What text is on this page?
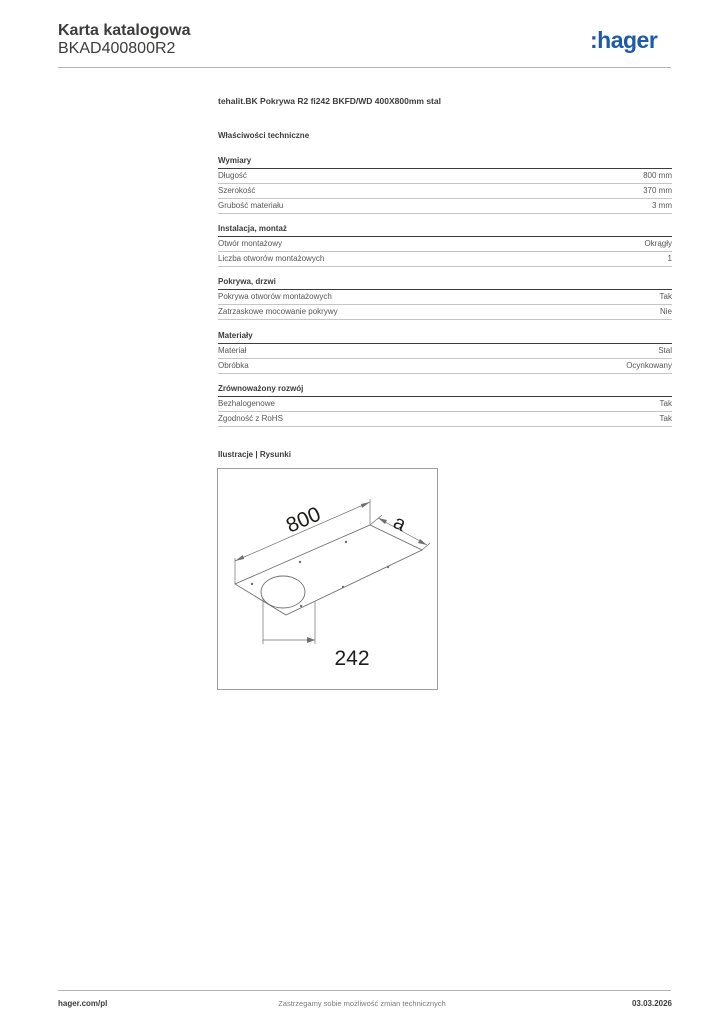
Karta katalogowa
BKAD400800R2	:hager
tehalit.BK Pokrywa R2 fi242 BKFD/WD 400X800mm stal
Właściwości techniczne
Wymiary
Długość	800 mm
Szerokość	370 mm
Grubość materiału	3 mm
Instalacja, montaż
Otwór montażowy	Okrągły
Liczba otworów montażowych	1
Pokrywa, drzwi
Pokrywa otworów montażowych	Tak
Zatrzaskowe mocowanie pokrywy	Nie
Materiały
Materiał	Stal
Obróbka	Ocynkowany
Zrównoważony rozwój
Bezhalogenowe	Tak
Zgodność z RoHS	Tak
Ilustracje | Rysunki
800	a
242
hager.com/pl	Zastrzegamy sobie możliwość zmian technicznych	03.03.2026
